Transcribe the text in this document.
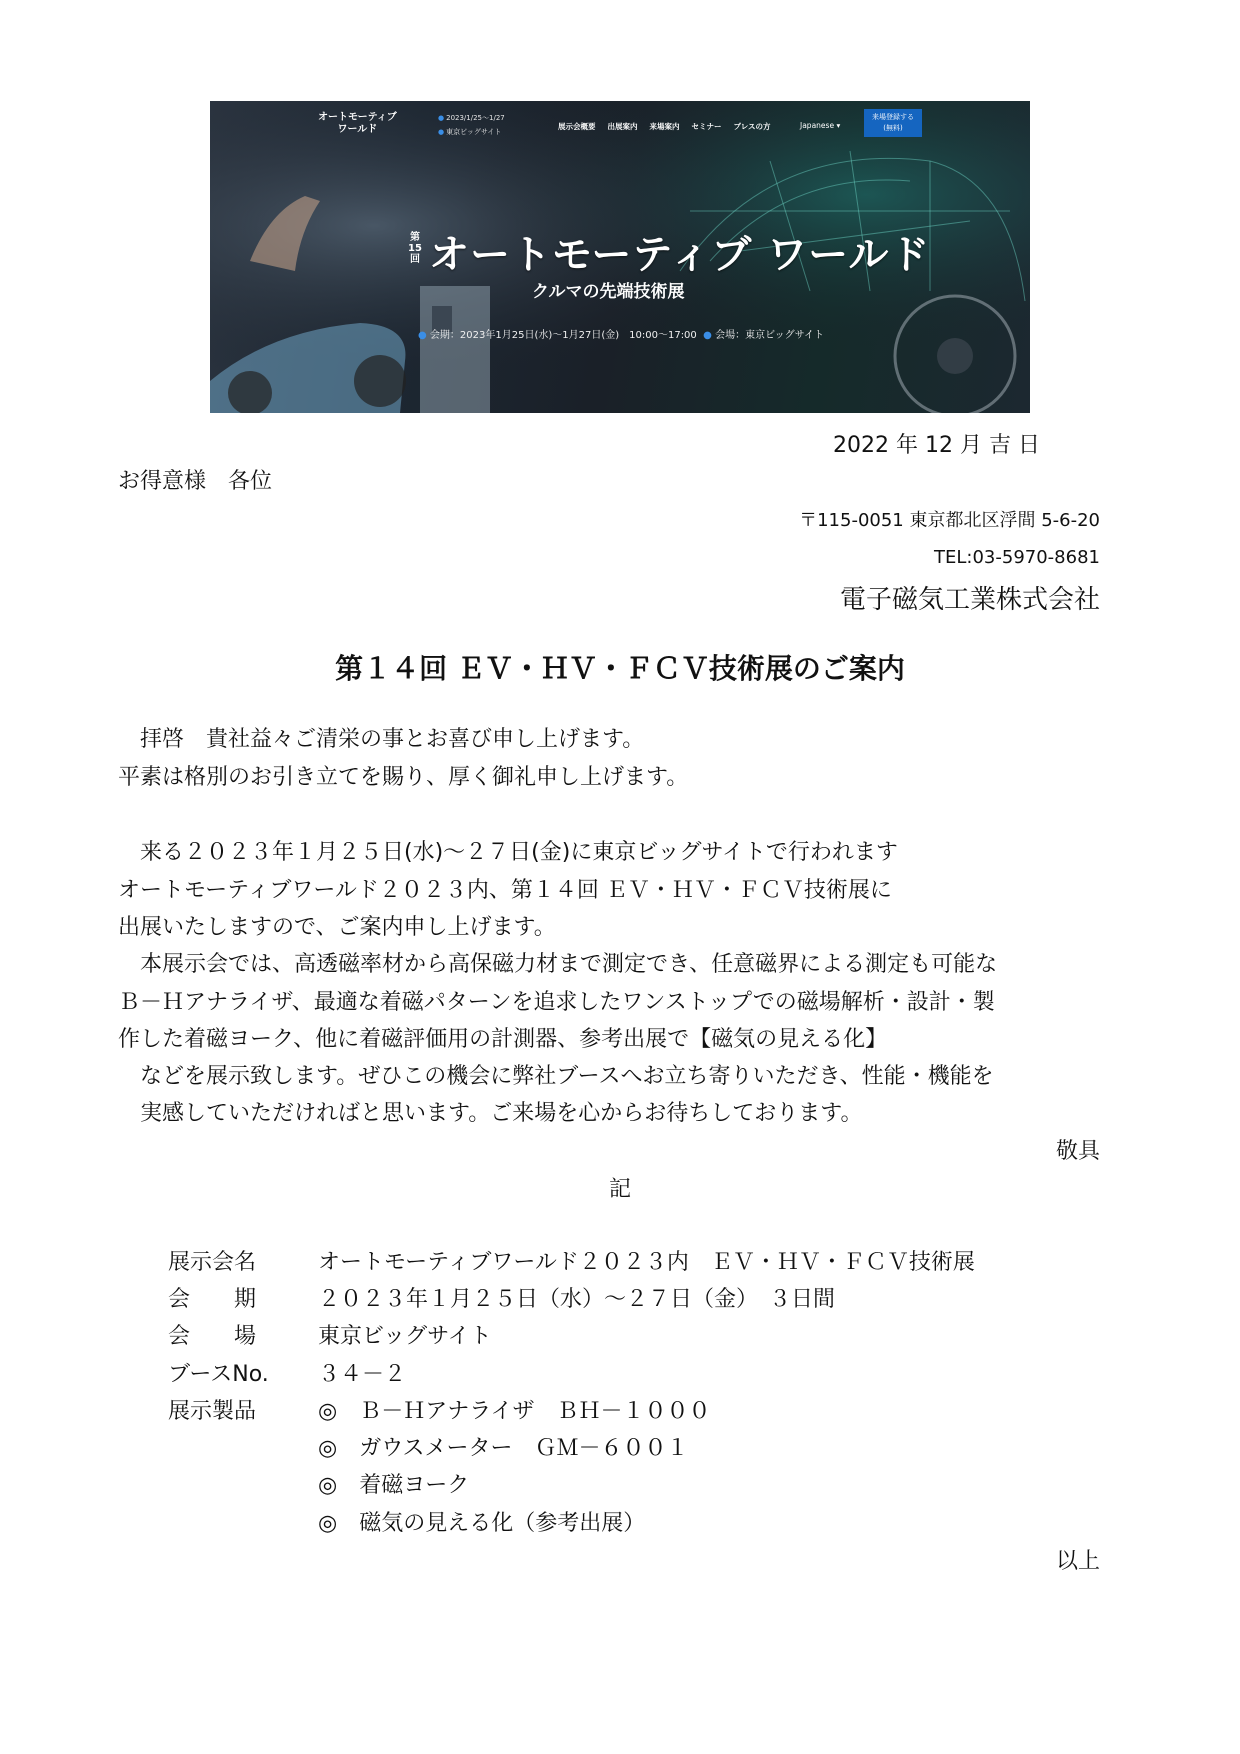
オートモーティブ
ワールド
● 2023/1/25～1/27
● 東京ビッグサイト
展示会概要 出展案内 来場案内 セミナー プレスの方	Japanese ▾
来場登録する
(無料)
第
15
回 オートモーティブ ワールド
クルマの先端技術展
● 会期：2023年1月25日(水)～1月27日(金)　10:00～17:00 ● 会場：東京ビッグサイト
2022 年 12 月 吉 日
お得意様　各位
〒115-0051 東京都北区浮間 5-6-20
TEL:03-5970-8681
電子磁気工業株式会社
第１４回 ＥＶ・ＨＶ・ＦＣＶ技術展のご案内
　拝啓　貴社益々ご清栄の事とお喜び申し上げます。
平素は格別のお引き立てを賜り、厚く御礼申し上げます。
　来る２０２３年１月２５日(水)～２７日(金)に東京ビッグサイトで行われます
オートモーティブワールド２０２３内、第１４回 ＥＶ・ＨＶ・ＦＣＶ技術展に
出展いたしますので、ご案内申し上げます。
　本展示会では、高透磁率材から高保磁力材まで測定でき、任意磁界による測定も可能な
Ｂ－Ｈアナライザ、最適な着磁パターンを追求したワンストップでの磁場解析・設計・製
作した着磁ヨーク、他に着磁評価用の計測器、参考出展で【磁気の見える化】
　などを展示致します。ぜひこの機会に弊社ブースへお立ち寄りいただき、性能・機能を
　実感していただければと思います。ご来場を心からお待ちしております。
敬具
記
展示会名	オートモーティブワールド２０２３内　ＥＶ・ＨＶ・ＦＣＶ技術展
会　　期	２０２３年１月２５日（水）～２７日（金）　３日間
会　　場	東京ビッグサイト
ブースNo. ３４－２
展示製品	◎　Ｂ－Ｈアナライザ　ＢＨ－１０００
◎　ガウスメーター　ＧＭ－６００１
◎　着磁ヨーク
◎　磁気の見える化（参考出展）
以上
